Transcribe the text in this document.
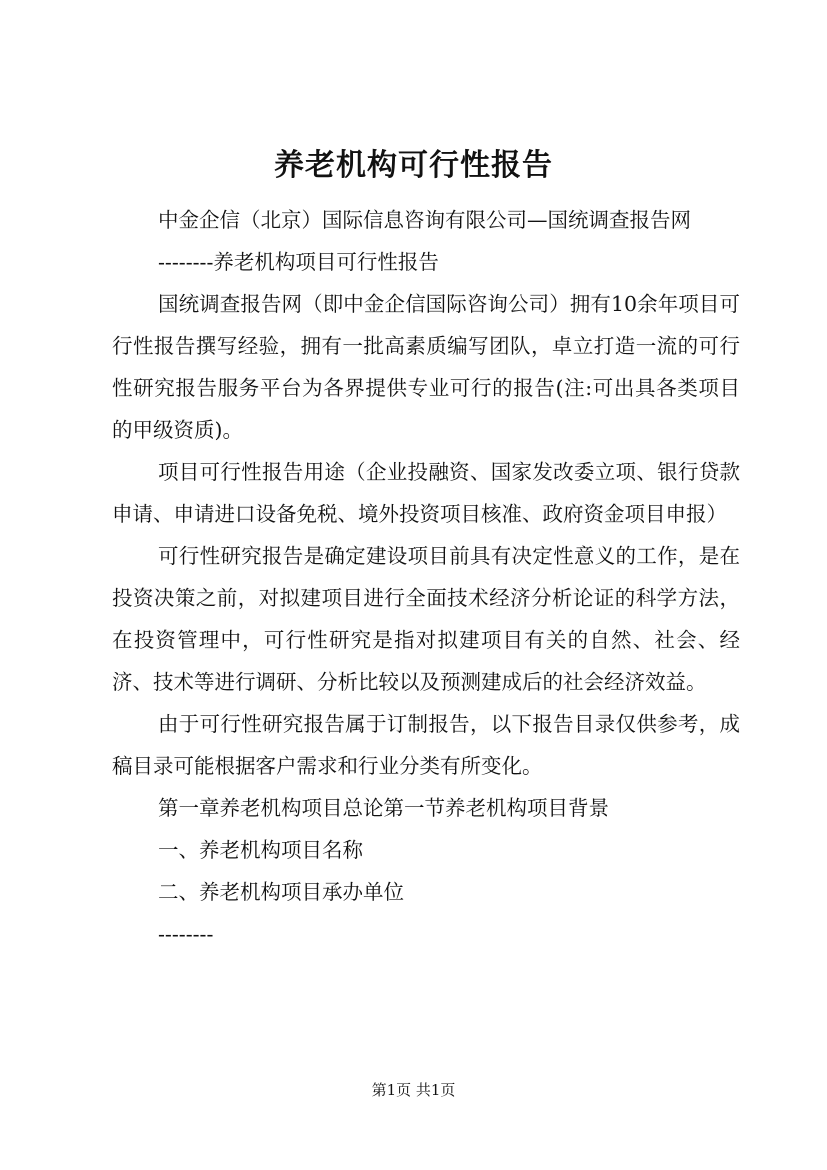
养老机构可行性报告

中金企信（北京）国际信息咨询有限公司—国统调查报告网

--------养老机构项目可行性报告

国统调查报告网（即中金企信国际咨询公司）拥有10余年项目可行性报告撰写经验，拥有一批高素质编写团队，卓立打造一流的可行性研究报告服务平台为各界提供专业可行的报告(注:可出具各类项目的甲级资质)。

项目可行性报告用途（企业投融资、国家发改委立项、银行贷款申请、申请进口设备免税、境外投资项目核准、政府资金项目申报）

可行性研究报告是确定建设项目前具有决定性意义的工作，是在投资决策之前，对拟建项目进行全面技术经济分析论证的科学方法，在投资管理中，可行性研究是指对拟建项目有关的自然、社会、经济、技术等进行调研、分析比较以及预测建成后的社会经济效益。

由于可行性研究报告属于订制报告，以下报告目录仅供参考，成稿目录可能根据客户需求和行业分类有所变化。

第一章养老机构项目总论第一节养老机构项目背景

一、养老机构项目名称

二、养老机构项目承办单位

--------

第1页 共1页
